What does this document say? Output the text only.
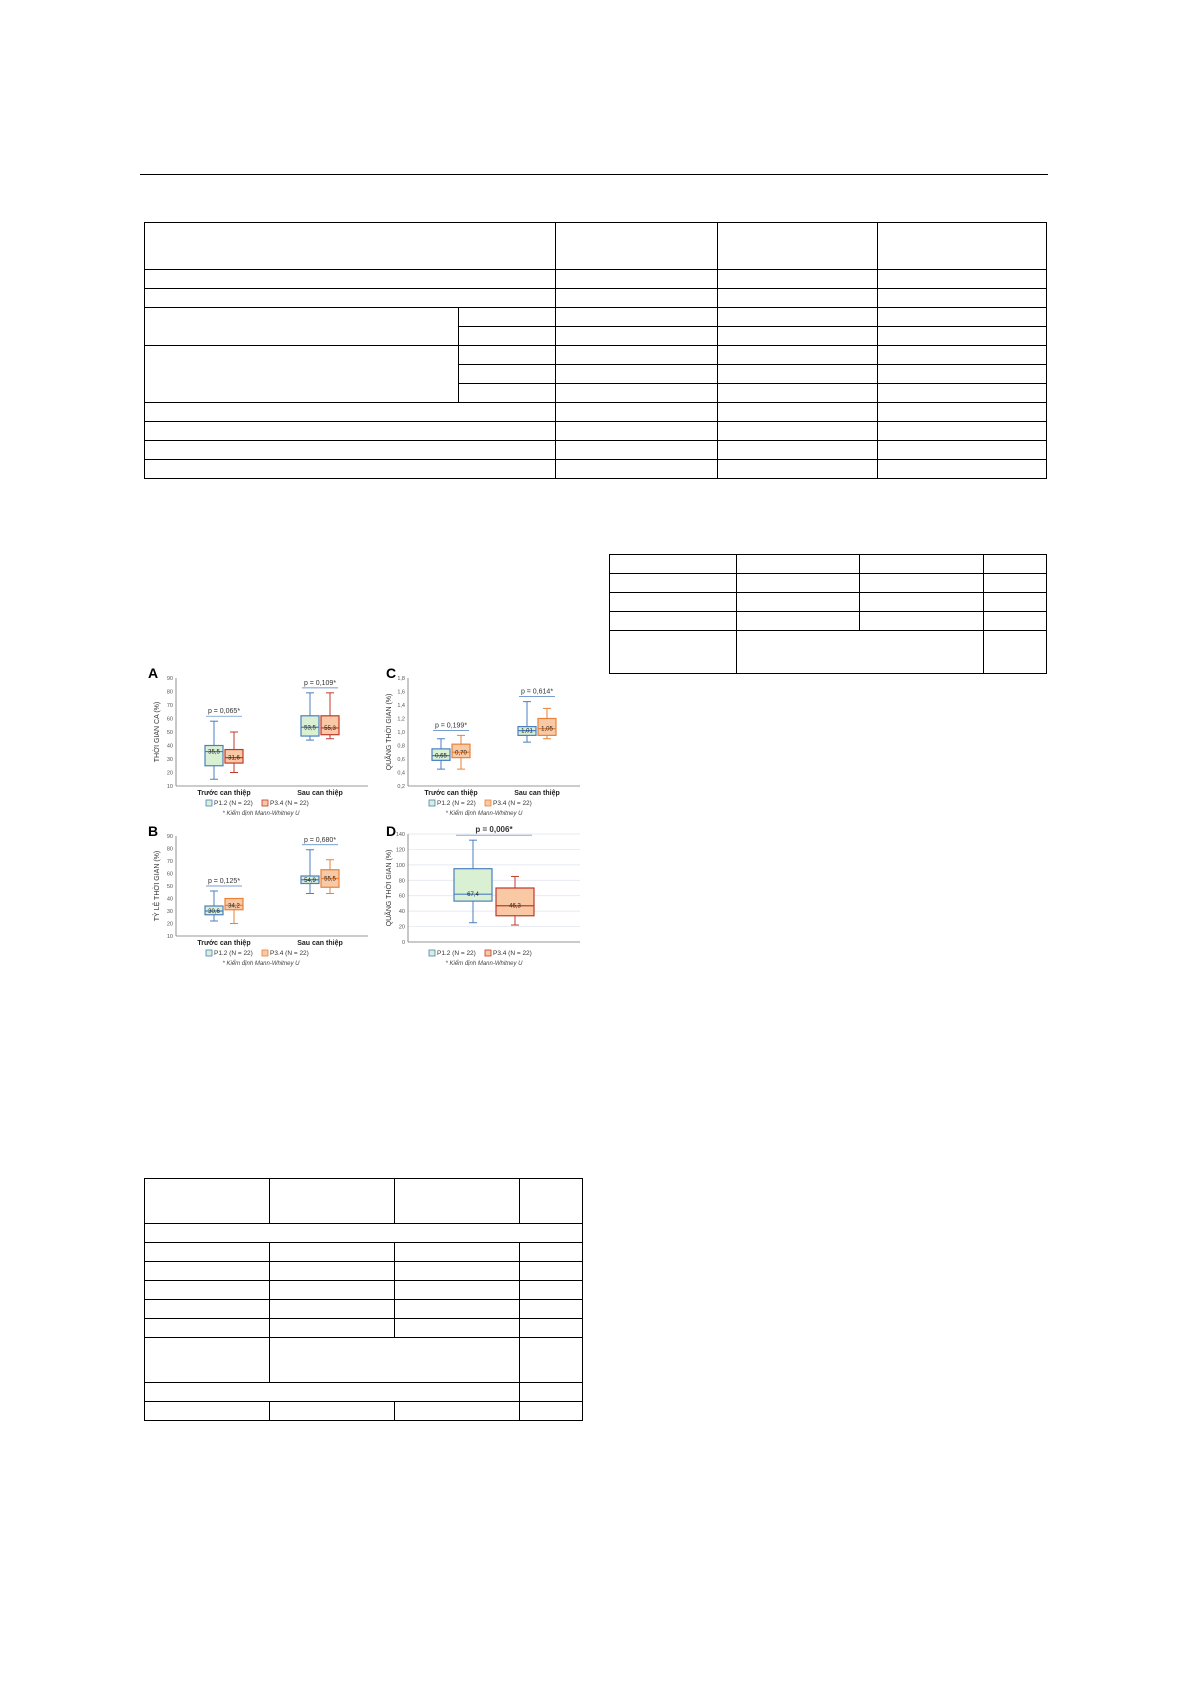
A 90
80
70
60
50
40
30
20
10
THỜI GIAN CA (%)	35,5
31,6
p = 0,065*
Trước can thiệp
53,5 55,3
p = 0,109*
Sau can thiệp
P1.2 (N = 22)	P3.4 (N = 22)
* Kiểm định Mann-Whitney U
C 1,8
1,6
1,4
1,2
1,0
0,8
0,6
0,4
0,2
QUÃNG THỜI GIAN (%)	0,65
0,70
p = 0,199*
Trước can thiệp
1,01 1,05
p = 0,614*
Sau can thiệp
P1.2 (N = 22)	P3.4 (N = 22)
* Kiểm định Mann-Whitney U
B 90
80
70
60
50
40
30
20
10
TỶ LỆ THỜI GIAN (%)	30,6
34,2
p = 0,125*
Trước can thiệp
54,9 55,5
p = 0,680*
Sau can thiệp
P1.2 (N = 22)	P3.4 (N = 22)
* Kiểm định Mann-Whitney U
D 140
120
100
80
60
40
20
0
QUÃNG THỜI GIAN (%)	67,4
46,3
p = 0,006*
P1.2 (N = 22)	P3.4 (N = 22)
* Kiểm định Mann-Whitney U
